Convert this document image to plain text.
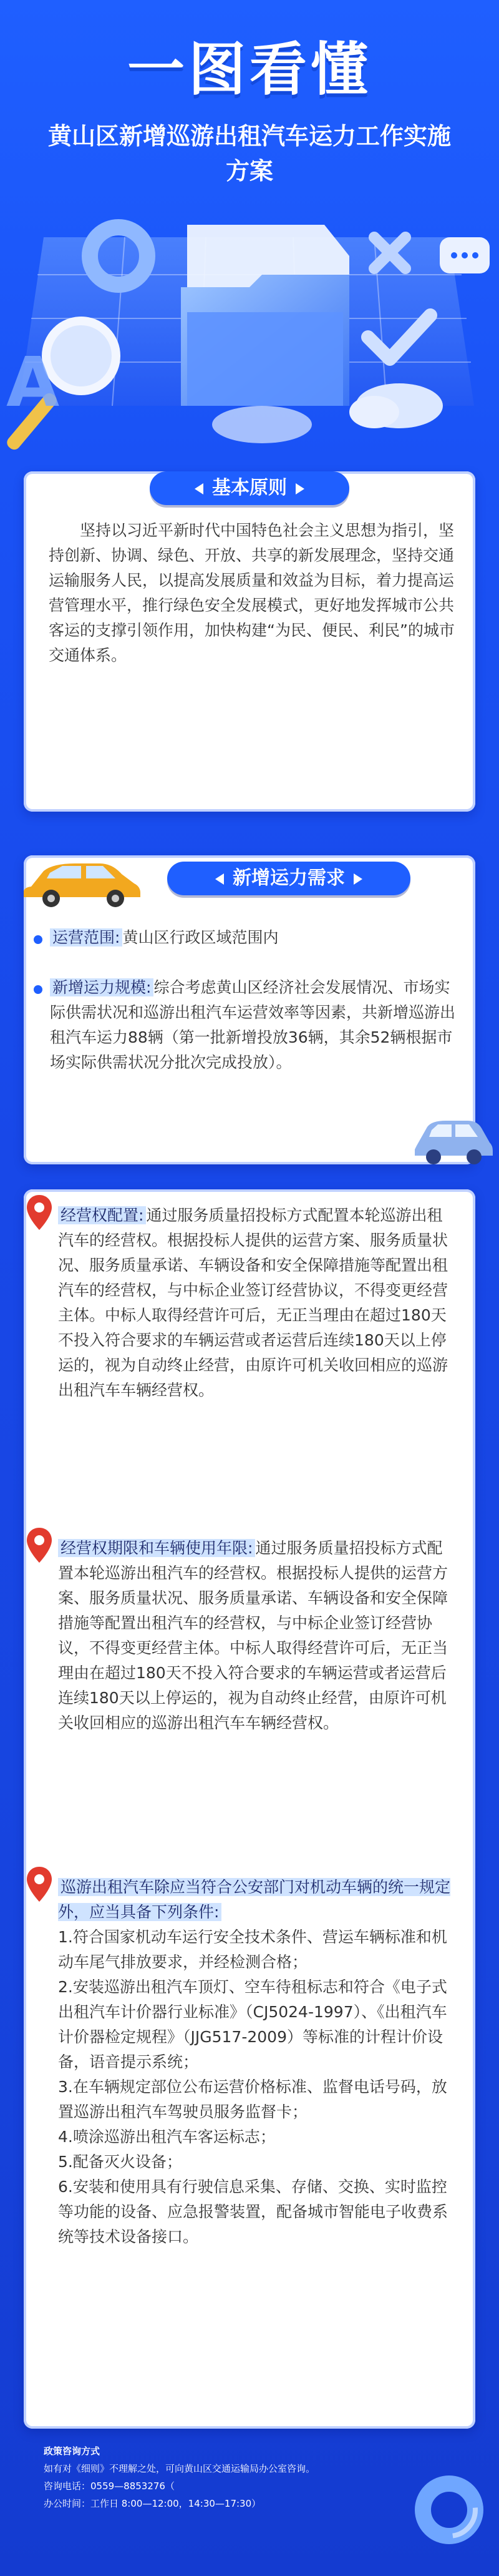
一图看懂
黄山区新增巡游出租汽车运力工作实施方案
A
基本原则
坚持以习近平新时代中国特色社会主义思想为指引，坚持创新、协调、绿色、开放、共享的新发展理念，坚持交通运输服务人民，以提高发展质量和效益为目标，着力提高运营管理水平，推行绿色安全发展模式，更好地发挥城市公共客运的支撑引领作用，加快构建“为民、便民、利民”的城市交通体系。
新增运力需求
运营范围: 黄山区行政区域范围内
新增运力规模: 综合考虑黄山区经济社会发展情况、市场实际供需状况和巡游出租汽车运营效率等因素，共新增巡游出租汽车运力88辆（第一批新增投放36辆，其余52辆根据市场实际供需状况分批次完成投放）。
经营权配置: 通过服务质量招投标方式配置本轮巡游出租汽车的经营权。根据投标人提供的运营方案、服务质量状况、服务质量承诺、车辆设备和安全保障措施等配置出租汽车的经营权，与中标企业签订经营协议，不得变更经营主体。中标人取得经营许可后，无正当理由在超过180天不投入符合要求的车辆运营或者运营后连续180天以上停运的，视为自动终止经营，由原许可机关收回相应的巡游出租汽车车辆经营权。
经营权期限和车辆使用年限: 通过服务质量招投标方式配置本轮巡游出租汽车的经营权。根据投标人提供的运营方案、服务质量状况、服务质量承诺、车辆设备和安全保障措施等配置出租汽车的经营权，与中标企业签订经营协议，不得变更经营主体。中标人取得经营许可后，无正当理由在超过180天不投入符合要求的车辆运营或者运营后连续180天以上停运的，视为自动终止经营，由原许可机关收回相应的巡游出租汽车车辆经营权。
巡游出租汽车除应当符合公安部门对机动车辆的统一规定外，应当具备下列条件:
1.符合国家机动车运行安全技术条件、营运车辆标准和机动车尾气排放要求，并经检测合格；
2.安装巡游出租汽车顶灯、空车待租标志和符合《电子式出租汽车计价器行业标准》（CJ5024-1997）、《出租汽车计价器检定规程》（JJG517-2009）等标准的计程计价设备，语音提示系统；
3.在车辆规定部位公布运营价格标准、监督电话号码，放置巡游出租汽车驾驶员服务监督卡；
4.喷涂巡游出租汽车客运标志；
5.配备灭火设备；
6.安装和使用具有行驶信息采集、存储、交换、实时监控等功能的设备、应急报警装置，配备城市智能电子收费系统等技术设备接口。
政策咨询方式
如有对《细则》不理解之处，可向黄山区交通运输局办公室咨询。
咨询电话：0559—8853276（
办公时间：工作日 8:00—12:00，14:30—17:30）
